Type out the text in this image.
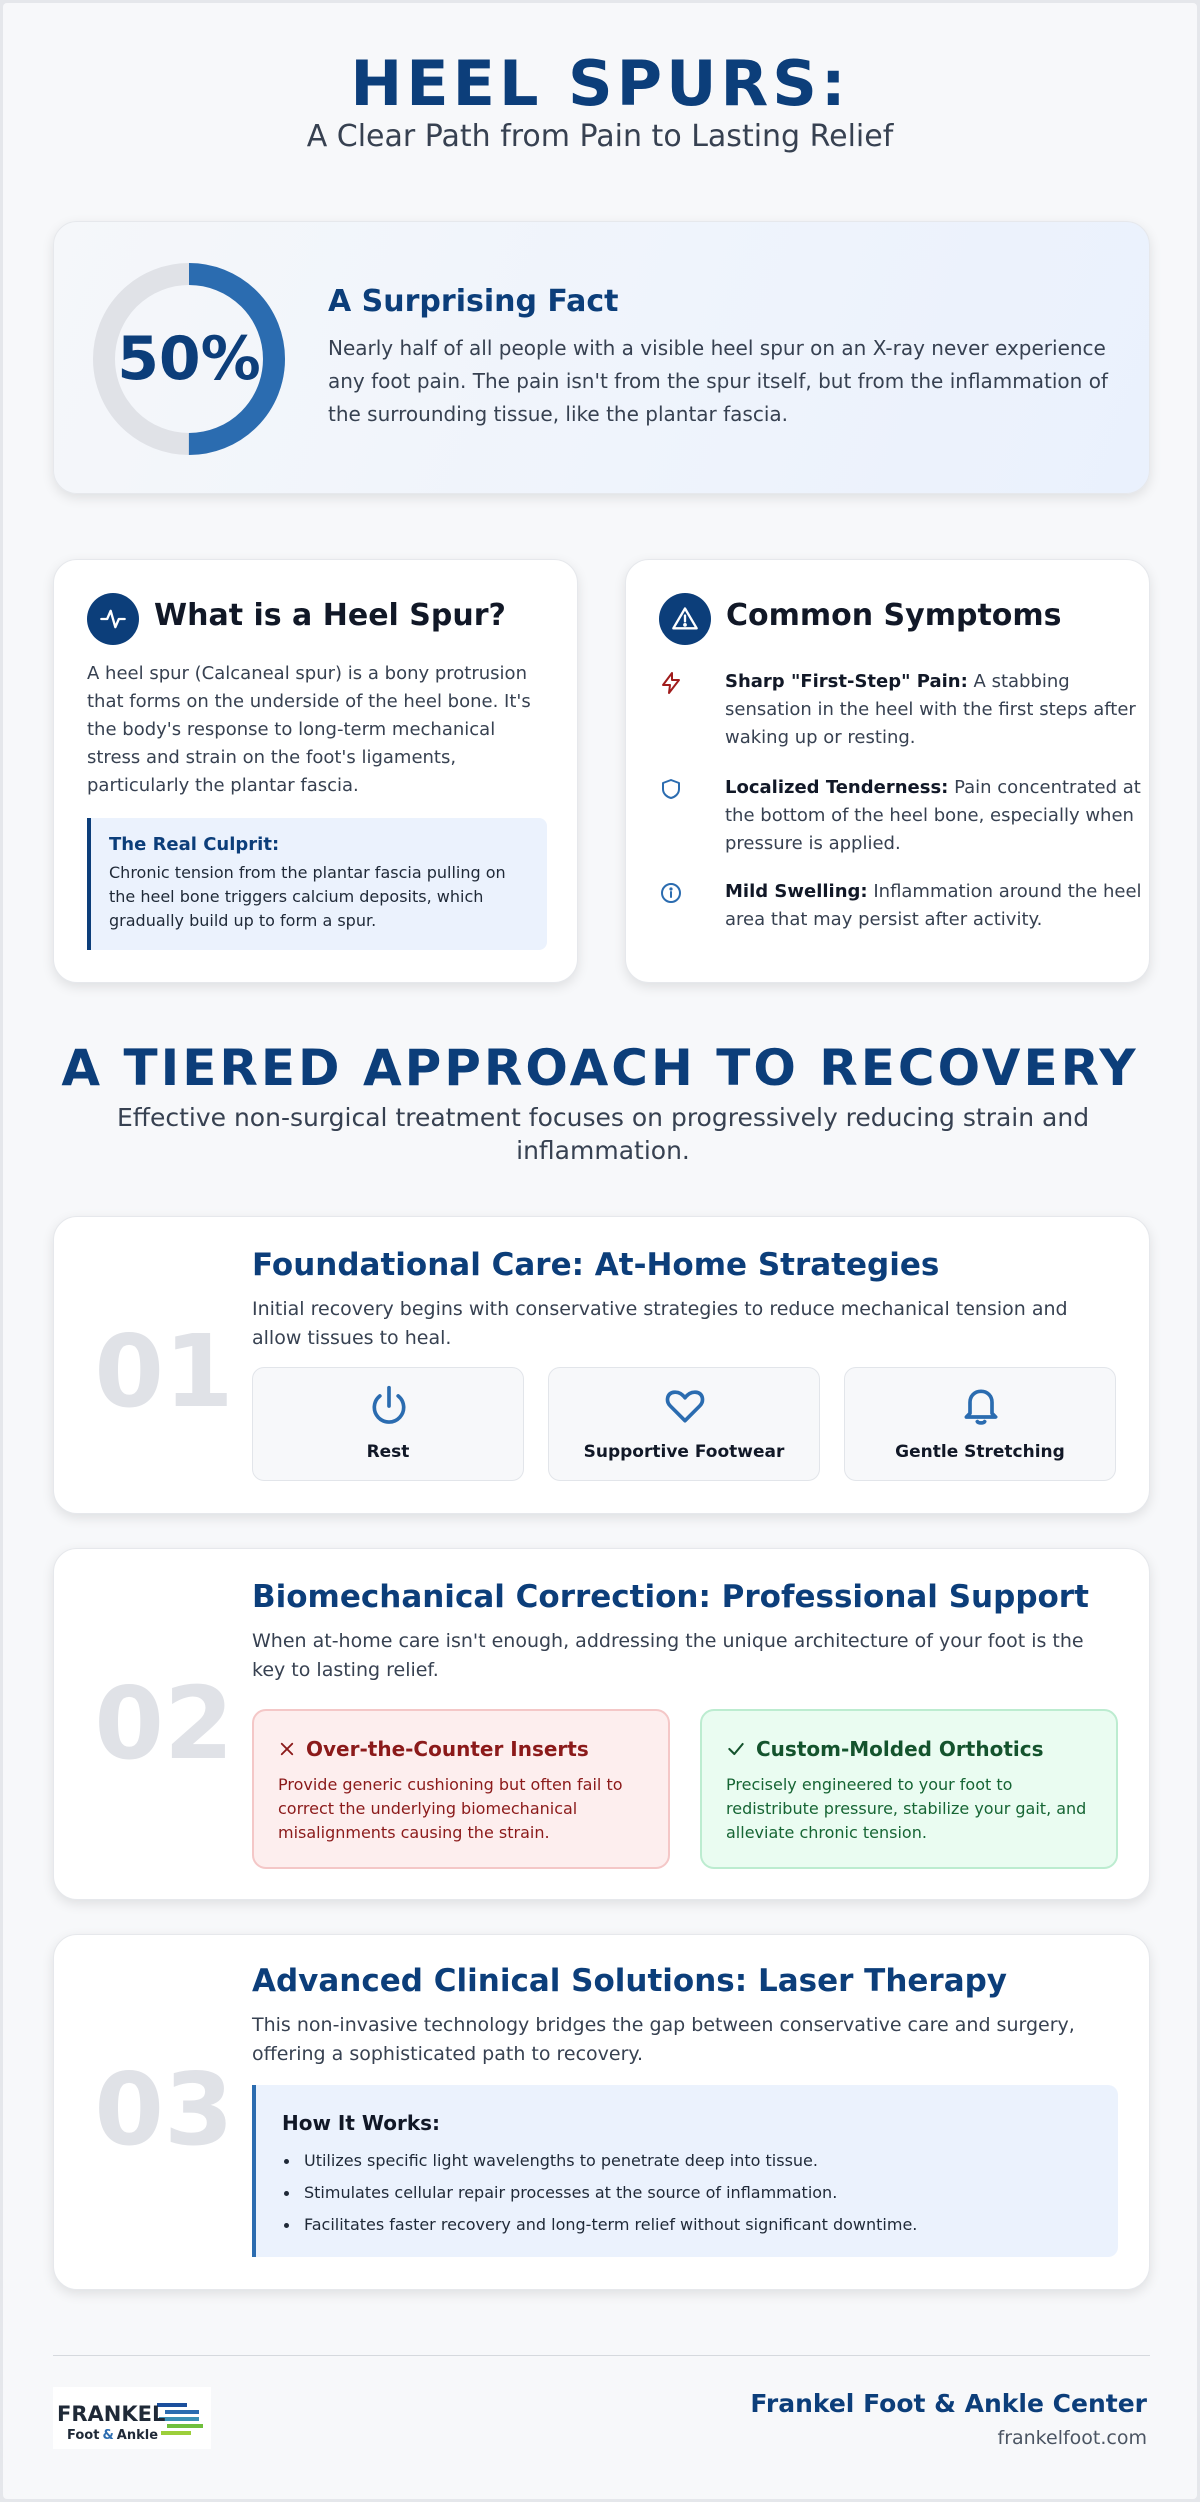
HEEL SPURS:
A Clear Path from Pain to Lasting Relief
50%
A Surprising Fact
Nearly half of all people with a visible heel spur on an X-ray never experience any foot pain. The pain isn't from the spur itself, but from the inflammation of the surrounding tissue, like the plantar fascia.
What is a Heel Spur?
A heel spur (Calcaneal spur) is a bony protrusion that forms on the underside of the heel bone. It's the body's response to long-term mechanical stress and strain on the foot's ligaments, particularly the plantar fascia.
The Real Culprit:
Chronic tension from the plantar fascia pulling on the heel bone triggers calcium deposits, which gradually build up to form a spur.
Common Symptoms
Sharp "First-Step" Pain: A stabbing sensation in the heel with the first steps after waking up or resting.
Localized Tenderness: Pain concentrated at the bottom of the heel bone, especially when pressure is applied.
Mild Swelling: Inflammation around the heel area that may persist after activity.
A TIERED APPROACH TO RECOVERY
Effective non-surgical treatment focuses on progressively reducing strain and inflammation.
01
Foundational Care: At-Home Strategies
Initial recovery begins with conservative strategies to reduce mechanical tension and allow tissues to heal.
Rest	Supportive Footwear	Gentle Stretching
02
Biomechanical Correction: Professional Support
When at-home care isn't enough, addressing the unique architecture of your foot is the key to lasting relief.
Over-the-Counter Inserts
Provide generic cushioning but often fail to correct the underlying biomechanical misalignments causing the strain.
Custom-Molded Orthotics
Precisely engineered to your foot to redistribute pressure, stabilize your gait, and alleviate chronic tension.
03
Advanced Clinical Solutions: Laser Therapy
This non-invasive technology bridges the gap between conservative care and surgery, offering a sophisticated path to recovery.
How It Works:
Utilizes specific light wavelengths to penetrate deep into tissue.
Stimulates cellular repair processes at the source of inflammation.
Facilitates faster recovery and long-term relief without significant downtime.
FRANKEL
Foot & Ankle
Frankel Foot & Ankle Center
frankelfoot.com
